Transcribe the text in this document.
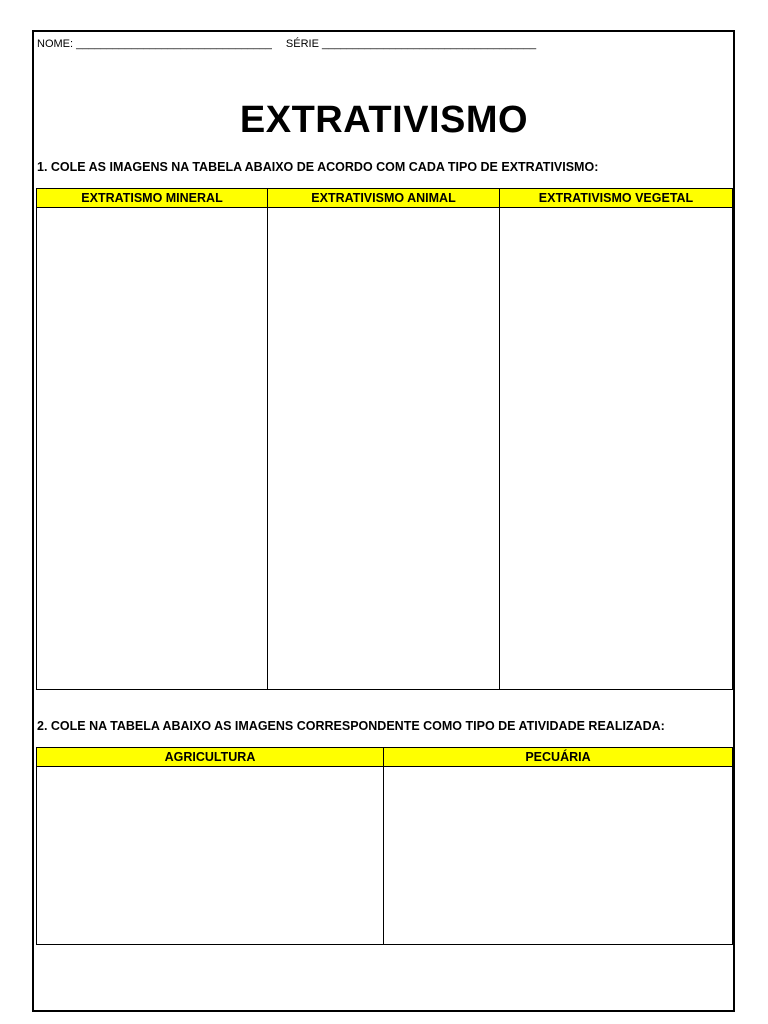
NOME: ________________________________ SÉRIE ___________________________________
EXTRATIVISMO
1. COLE AS IMAGENS NA TABELA ABAIXO DE ACORDO COM CADA TIPO DE EXTRATIVISMO:
EXTRATISMO MINERAL	EXTRATIVISMO ANIMAL	EXTRATIVISMO VEGETAL

2. COLE NA TABELA ABAIXO AS IMAGENS CORRESPONDENTE COMO TIPO DE ATIVIDADE REALIZADA:
AGRICULTURA	PECUÁRIA
